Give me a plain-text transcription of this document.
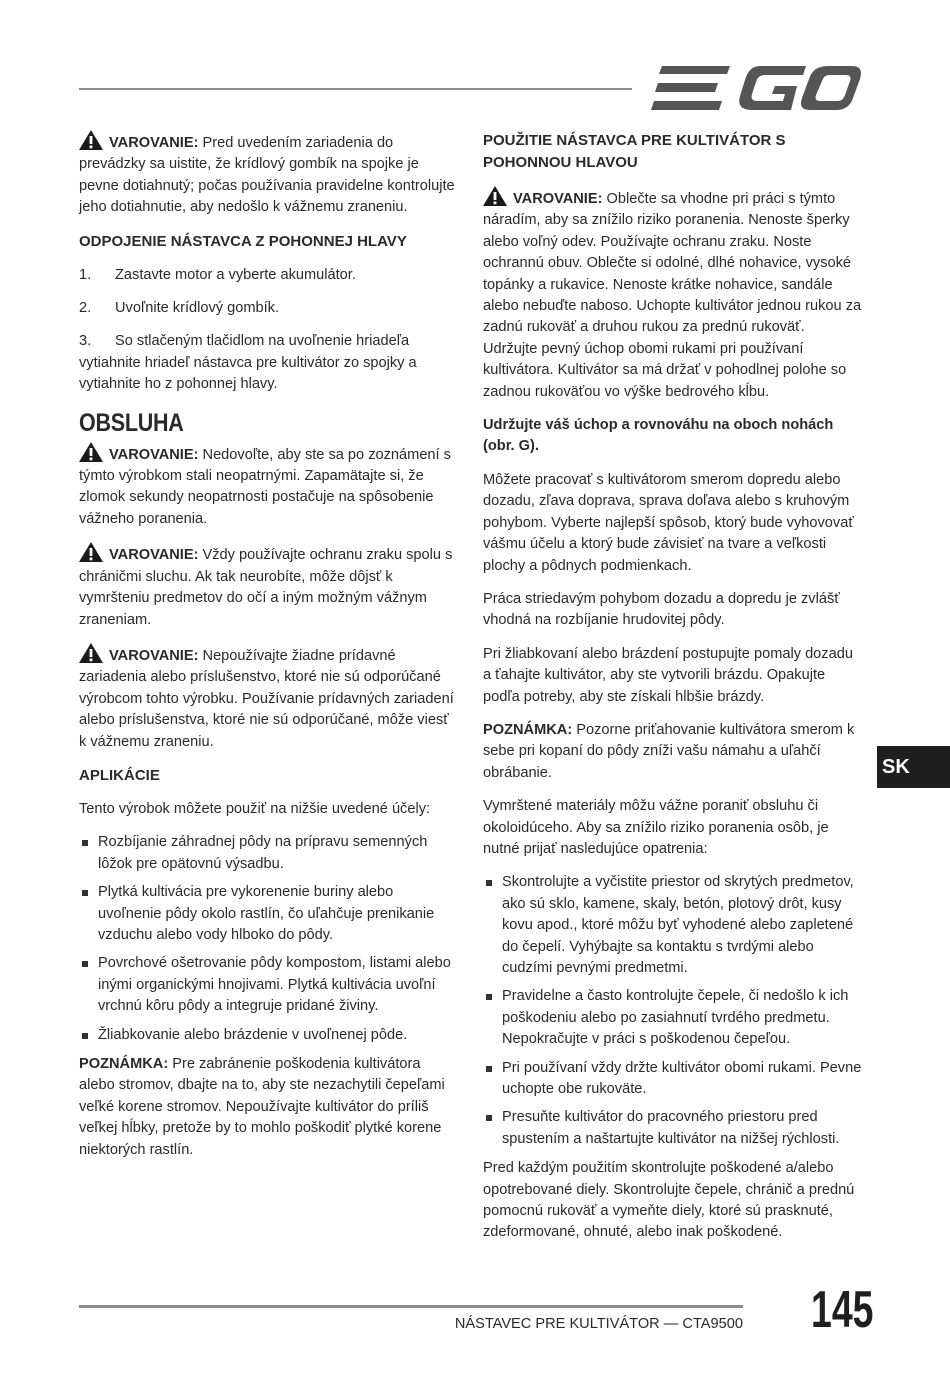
VAROVANIE: Pred uvedením zariadenia do prevádzky sa uistite, že krídlový gombík na spojke je pevne dotiahnutý; počas používania pravidelne kontrolujte jeho dotiahnutie, aby nedošlo k vážnemu zraneniu.

ODPOJENIE NÁSTAVCA Z POHONNEJ HLAVY
1.	Zastavte motor a vyberte akumulátor.
2.	Uvoľnite krídlový gombík.

3. So stlačeným tlačidlom na uvoľnenie hriadeľa vytiahnite hriadeľ nástavca pre kultivátor zo spojky a vytiahnite ho z pohonnej hlavy.

OBSLUHA

VAROVANIE: Nedovoľte, aby ste sa po zoznámení s týmto výrobkom stali neopatrnými. Zapamätajte si, že zlomok sekundy neopatrnosti postačuje na spôsobenie vážneho poranenia.

VAROVANIE: Vždy používajte ochranu zraku spolu s chráničmi sluchu. Ak tak neurobíte, môže dôjsť k vymršteniu predmetov do očí a iným možným vážnym zraneniam.

VAROVANIE: Nepoužívajte žiadne prídavné zariadenia alebo príslušenstvo, ktoré nie sú odporúčané výrobcom tohto výrobku. Používanie prídavných zariadení alebo príslušenstva, ktoré nie sú odporúčané, môže viesť k vážnemu zraneniu.

APLIKÁCIE

Tento výrobok môžete použiť na nižšie uvedené účely:

Rozbíjanie záhradnej pôdy na prípravu semenných lôžok pre opätovnú výsadbu.
Plytká kultivácia pre vykorenenie buriny alebo uvoľnenie pôdy okolo rastlín, čo uľahčuje prenikanie vzduchu alebo vody hlboko do pôdy.
Povrchové ošetrovanie pôdy kompostom, listami alebo inými organickými hnojivami. Plytká kultivácia uvoľní vrchnú kôru pôdy a integruje pridané živiny.
Žliabkovanie alebo brázdenie v uvoľnenej pôde.

POZNÁMKA: Pre zabránenie poškodenia kultivátora alebo stromov, dbajte na to, aby ste nezachytili čepeľami veľké korene stromov. Nepoužívajte kultivátor do príliš veľkej hĺbky, pretože by to mohlo poškodiť plytké korene niektorých rastlín.

POUŽITIE NÁSTAVCA PRE KULTIVÁTOR S POHONNOU HLAVOU

VAROVANIE: Oblečte sa vhodne pri práci s týmto náradím, aby sa znížilo riziko poranenia. Nenoste šperky alebo voľný odev. Používajte ochranu zraku. Noste ochrannú obuv. Oblečte si odolné, dlhé nohavice, vysoké topánky a rukavice. Nenoste krátke nohavice, sandále alebo nebuďte naboso. Uchopte kultivátor jednou rukou za zadnú rukoväť a druhou rukou za prednú rukoväť. Udržujte pevný úchop obomi rukami pri používaní kultivátora. Kultivátor sa má držať v pohodlnej polohe so zadnou rukoväťou vo výške bedrového kĺbu.

Udržujte váš úchop a rovnováhu na oboch nohách (obr. G).

Môžete pracovať s kultivátorom smerom dopredu alebo dozadu, zľava doprava, sprava doľava alebo s kruhovým pohybom. Vyberte najlepší spôsob, ktorý bude vyhovovať vášmu účelu a ktorý bude závisieť na tvare a veľkosti plochy a pôdnych podmienkach.

Práca striedavým pohybom dozadu a dopredu je zvlášť vhodná na rozbíjanie hrudovitej pôdy.

Pri žliabkovaní alebo brázdení postupujte pomaly dozadu a ťahajte kultivátor, aby ste vytvorili brázdu. Opakujte podľa potreby, aby ste získali hlbšie brázdy.

POZNÁMKA: Pozorne priťahovanie kultivátora smerom k sebe pri kopaní do pôdy zníži vašu námahu a uľahčí obrábanie.

Vymrštené materiály môžu vážne poraniť obsluhu či okoloidúceho. Aby sa znížilo riziko poranenia osôb, je nutné prijať nasledujúce opatrenia:

Skontrolujte a vyčistite priestor od skrytých predmetov, ako sú sklo, kamene, skaly, betón, plotový drôt, kusy kovu apod., ktoré môžu byť vyhodené alebo zapletené do čepelí. Vyhýbajte sa kontaktu s tvrdými alebo cudzími pevnými predmetmi.
Pravidelne a často kontrolujte čepele, či nedošlo k ich poškodeniu alebo po zasiahnutí tvrdého predmetu. Nepokračujte v práci s poškodenou čepeľou.
Pri používaní vždy držte kultivátor obomi rukami. Pevne uchopte obe rukoväte.
Presuňte kultivátor do pracovného priestoru pred spustením a naštartujte kultivátor na nižšej rýchlosti.

Pred každým použitím skontrolujte poškodené a/alebo opotrebované diely. Skontrolujte čepele, chránič a prednú pomocnú rukoväť a vymeňte diely, ktoré sú prasknuté, zdeformované, ohnuté, alebo inak poškodené.

SK
NÁSTAVEC PRE KULTIVÁTOR — CTA9500 145
